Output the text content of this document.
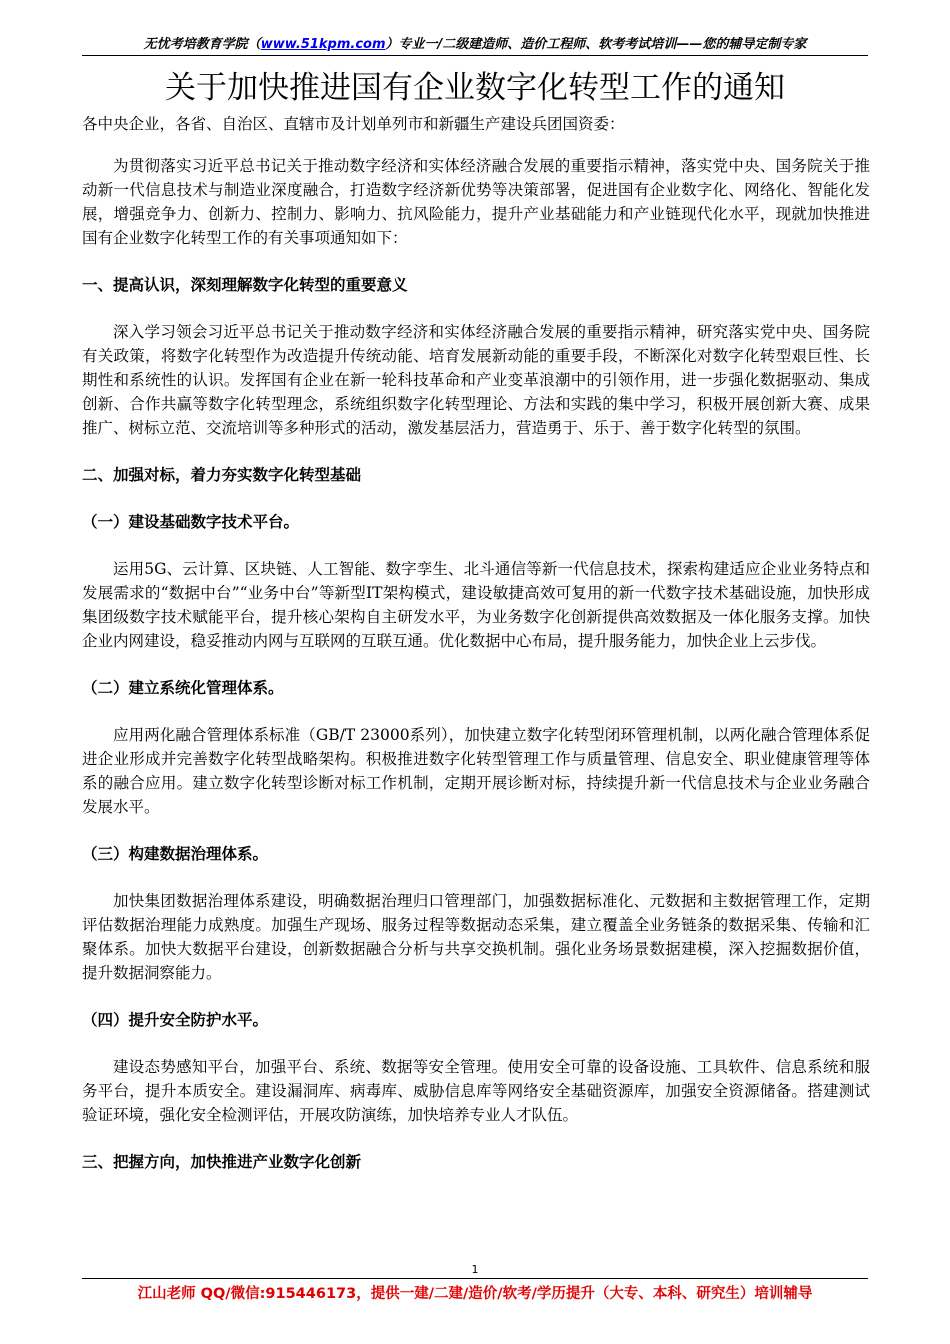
无忧考培教育学院（www.51kpm.com）专业一/二级建造师、造价工程师、软考考试培训——您的辅导定制专家
关于加快推进国有企业数字化转型工作的通知

各中央企业，各省、自治区、直辖市及计划单列市和新疆生产建设兵团国资委：

为贯彻落实习近平总书记关于推动数字经济和实体经济融合发展的重要指示精神，落实党中央、国务院关于推动新一代信息技术与制造业深度融合，打造数字经济新优势等决策部署，促进国有企业数字化、网络化、智能化发展，增强竞争力、创新力、控制力、影响力、抗风险能力，提升产业基础能力和产业链现代化水平，现就加快推进国有企业数字化转型工作的有关事项通知如下：

一、提高认识，深刻理解数字化转型的重要意义

深入学习领会习近平总书记关于推动数字经济和实体经济融合发展的重要指示精神，研究落实党中央、国务院有关政策，将数字化转型作为改造提升传统动能、培育发展新动能的重要手段，不断深化对数字化转型艰巨性、长期性和系统性的认识。发挥国有企业在新一轮科技革命和产业变革浪潮中的引领作用，进一步强化数据驱动、集成创新、合作共赢等数字化转型理念，系统组织数字化转型理论、方法和实践的集中学习，积极开展创新大赛、成果推广、树标立范、交流培训等多种形式的活动，激发基层活力，营造勇于、乐于、善于数字化转型的氛围。

二、加强对标，着力夯实数字化转型基础

（一）建设基础数字技术平台。

运用5G、云计算、区块链、人工智能、数字孪生、北斗通信等新一代信息技术，探索构建适应企业业务特点和发展需求的“数据中台”“业务中台”等新型IT架构模式，建设敏捷高效可复用的新一代数字技术基础设施，加快形成集团级数字技术赋能平台，提升核心架构自主研发水平，为业务数字化创新提供高效数据及一体化服务支撑。加快企业内网建设，稳妥推动内网与互联网的互联互通。优化数据中心布局，提升服务能力，加快企业上云步伐。

（二）建立系统化管理体系。

应用两化融合管理体系标准（GB/T 23000系列），加快建立数字化转型闭环管理机制，以两化融合管理体系促进企业形成并完善数字化转型战略架构。积极推进数字化转型管理工作与质量管理、信息安全、职业健康管理等体系的融合应用。建立数字化转型诊断对标工作机制，定期开展诊断对标，持续提升新一代信息技术与企业业务融合发展水平。

（三）构建数据治理体系。

加快集团数据治理体系建设，明确数据治理归口管理部门，加强数据标准化、元数据和主数据管理工作，定期评估数据治理能力成熟度。加强生产现场、服务过程等数据动态采集，建立覆盖全业务链条的数据采集、传输和汇聚体系。加快大数据平台建设，创新数据融合分析与共享交换机制。强化业务场景数据建模，深入挖掘数据价值，提升数据洞察能力。

（四）提升安全防护水平。

建设态势感知平台，加强平台、系统、数据等安全管理。使用安全可靠的设备设施、工具软件、信息系统和服务平台，提升本质安全。建设漏洞库、病毒库、威胁信息库等网络安全基础资源库，加强安全资源储备。搭建测试验证环境，强化安全检测评估，开展攻防演练，加快培养专业人才队伍。

三、把握方向，加快推进产业数字化创新

1
江山老师 QQ/微信:915446173，提供一建/二建/造价/软考/学历提升（大专、本科、研究生）培训辅导
